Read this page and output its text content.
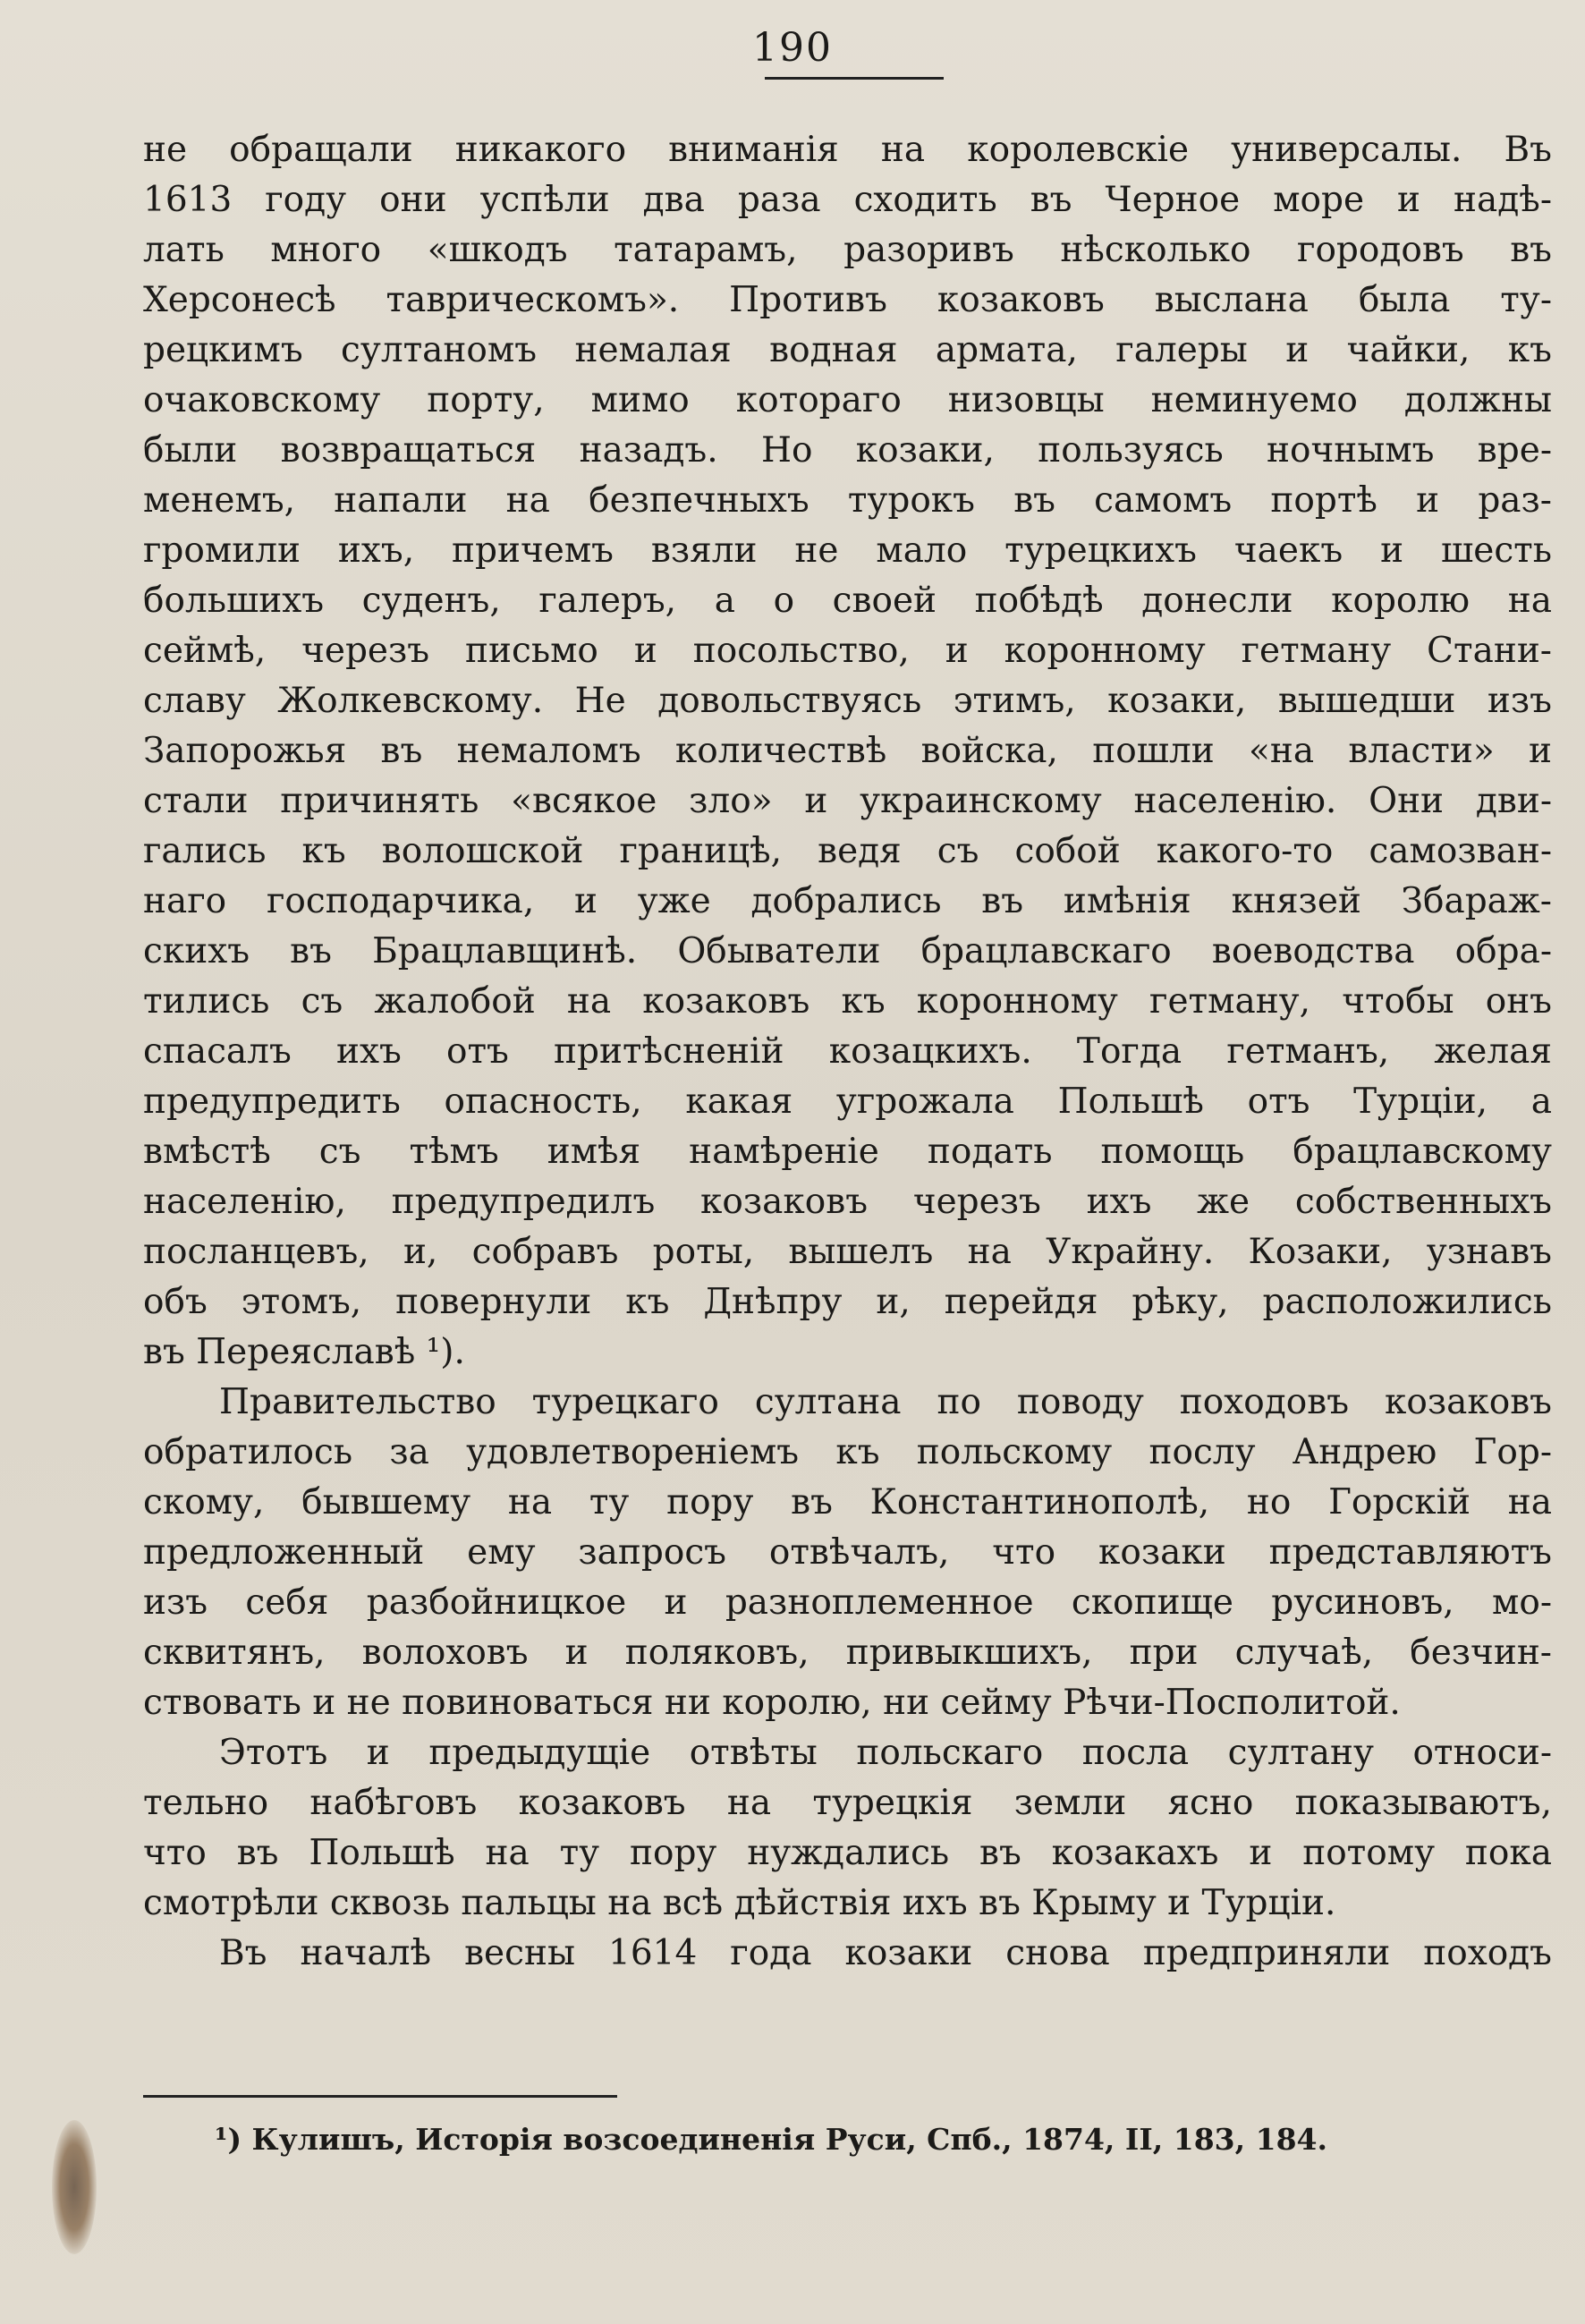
190
не обращали никакого вниманія на королевскіе универсалы. Въ
1613 году они успѣли два раза сходить въ Черное море и надѣ-
лать много «шкодъ татарамъ, разоривъ нѣсколько городовъ въ
Херсонесѣ таврическомъ». Противъ козаковъ выслана была ту-
рецкимъ султаномъ немалая водная армата, галеры и чайки, къ
очаковскому порту, мимо котораго низовцы неминуемо должны
были возвращаться назадъ. Но козаки, пользуясь ночнымъ вре-
менемъ, напали на безпечныхъ турокъ въ самомъ портѣ и раз-
громили ихъ, причемъ взяли не мало турецкихъ чаекъ и шесть
большихъ суденъ, галеръ, а о своей побѣдѣ донесли королю на
сеймѣ, черезъ письмо и посольство, и коронному гетману Стани-
славу Жолкевскому. Не довольствуясь этимъ, козаки, вышедши изъ
Запорожья въ немаломъ количествѣ войска, пошли «на власти» и
стали причинять «всякое зло» и украинскому населенію. Они дви-
гались къ волошской границѣ, ведя съ собой какого-то самозван-
наго господарчика, и уже добрались въ имѣнія князей Збараж-
скихъ въ Брацлавщинѣ. Обыватели брацлавскаго воеводства обра-
тились съ жалобой на козаковъ къ коронному гетману, чтобы онъ
спасалъ ихъ отъ притѣсненій козацкихъ. Тогда гетманъ, желая
предупредить опасность, какая угрожала Польшѣ отъ Турціи, а
вмѣстѣ съ тѣмъ имѣя намѣреніе подать помощь брацлавскому
населенію, предупредилъ козаковъ черезъ ихъ же собственныхъ
посланцевъ, и, собравъ роты, вышелъ на Украйну. Козаки, узнавъ
объ этомъ, повернули къ Днѣпру и, перейдя рѣку, расположились
въ Переяславѣ ¹).
Правительство турецкаго султана по поводу походовъ козаковъ
обратилось за удовлетвореніемъ къ польскому послу Андрею Гор-
скому, бывшему на ту пору въ Константинополѣ, но Горскій на
предложенный ему запросъ отвѣчалъ, что козаки представляютъ
изъ себя разбойницкое и разноплеменное скопище русиновъ, мо-
сквитянъ, волоховъ и поляковъ, привыкшихъ, при случаѣ, безчин-
ствовать и не повиноваться ни королю, ни сейму Рѣчи-Посполитой.
Этотъ и предыдущіе отвѣты польскаго посла султану относи-
тельно набѣговъ козаковъ на турецкія земли ясно показываютъ,
что въ Польшѣ на ту пору нуждались въ козакахъ и потому пока
смотрѣли сквозь пальцы на всѣ дѣйствія ихъ въ Крыму и Турціи.
Въ началѣ весны 1614 года козаки снова предприняли походъ
¹) Кулишъ, Исторія возсоединенія Руси, Спб., 1874, II, 183, 184.
